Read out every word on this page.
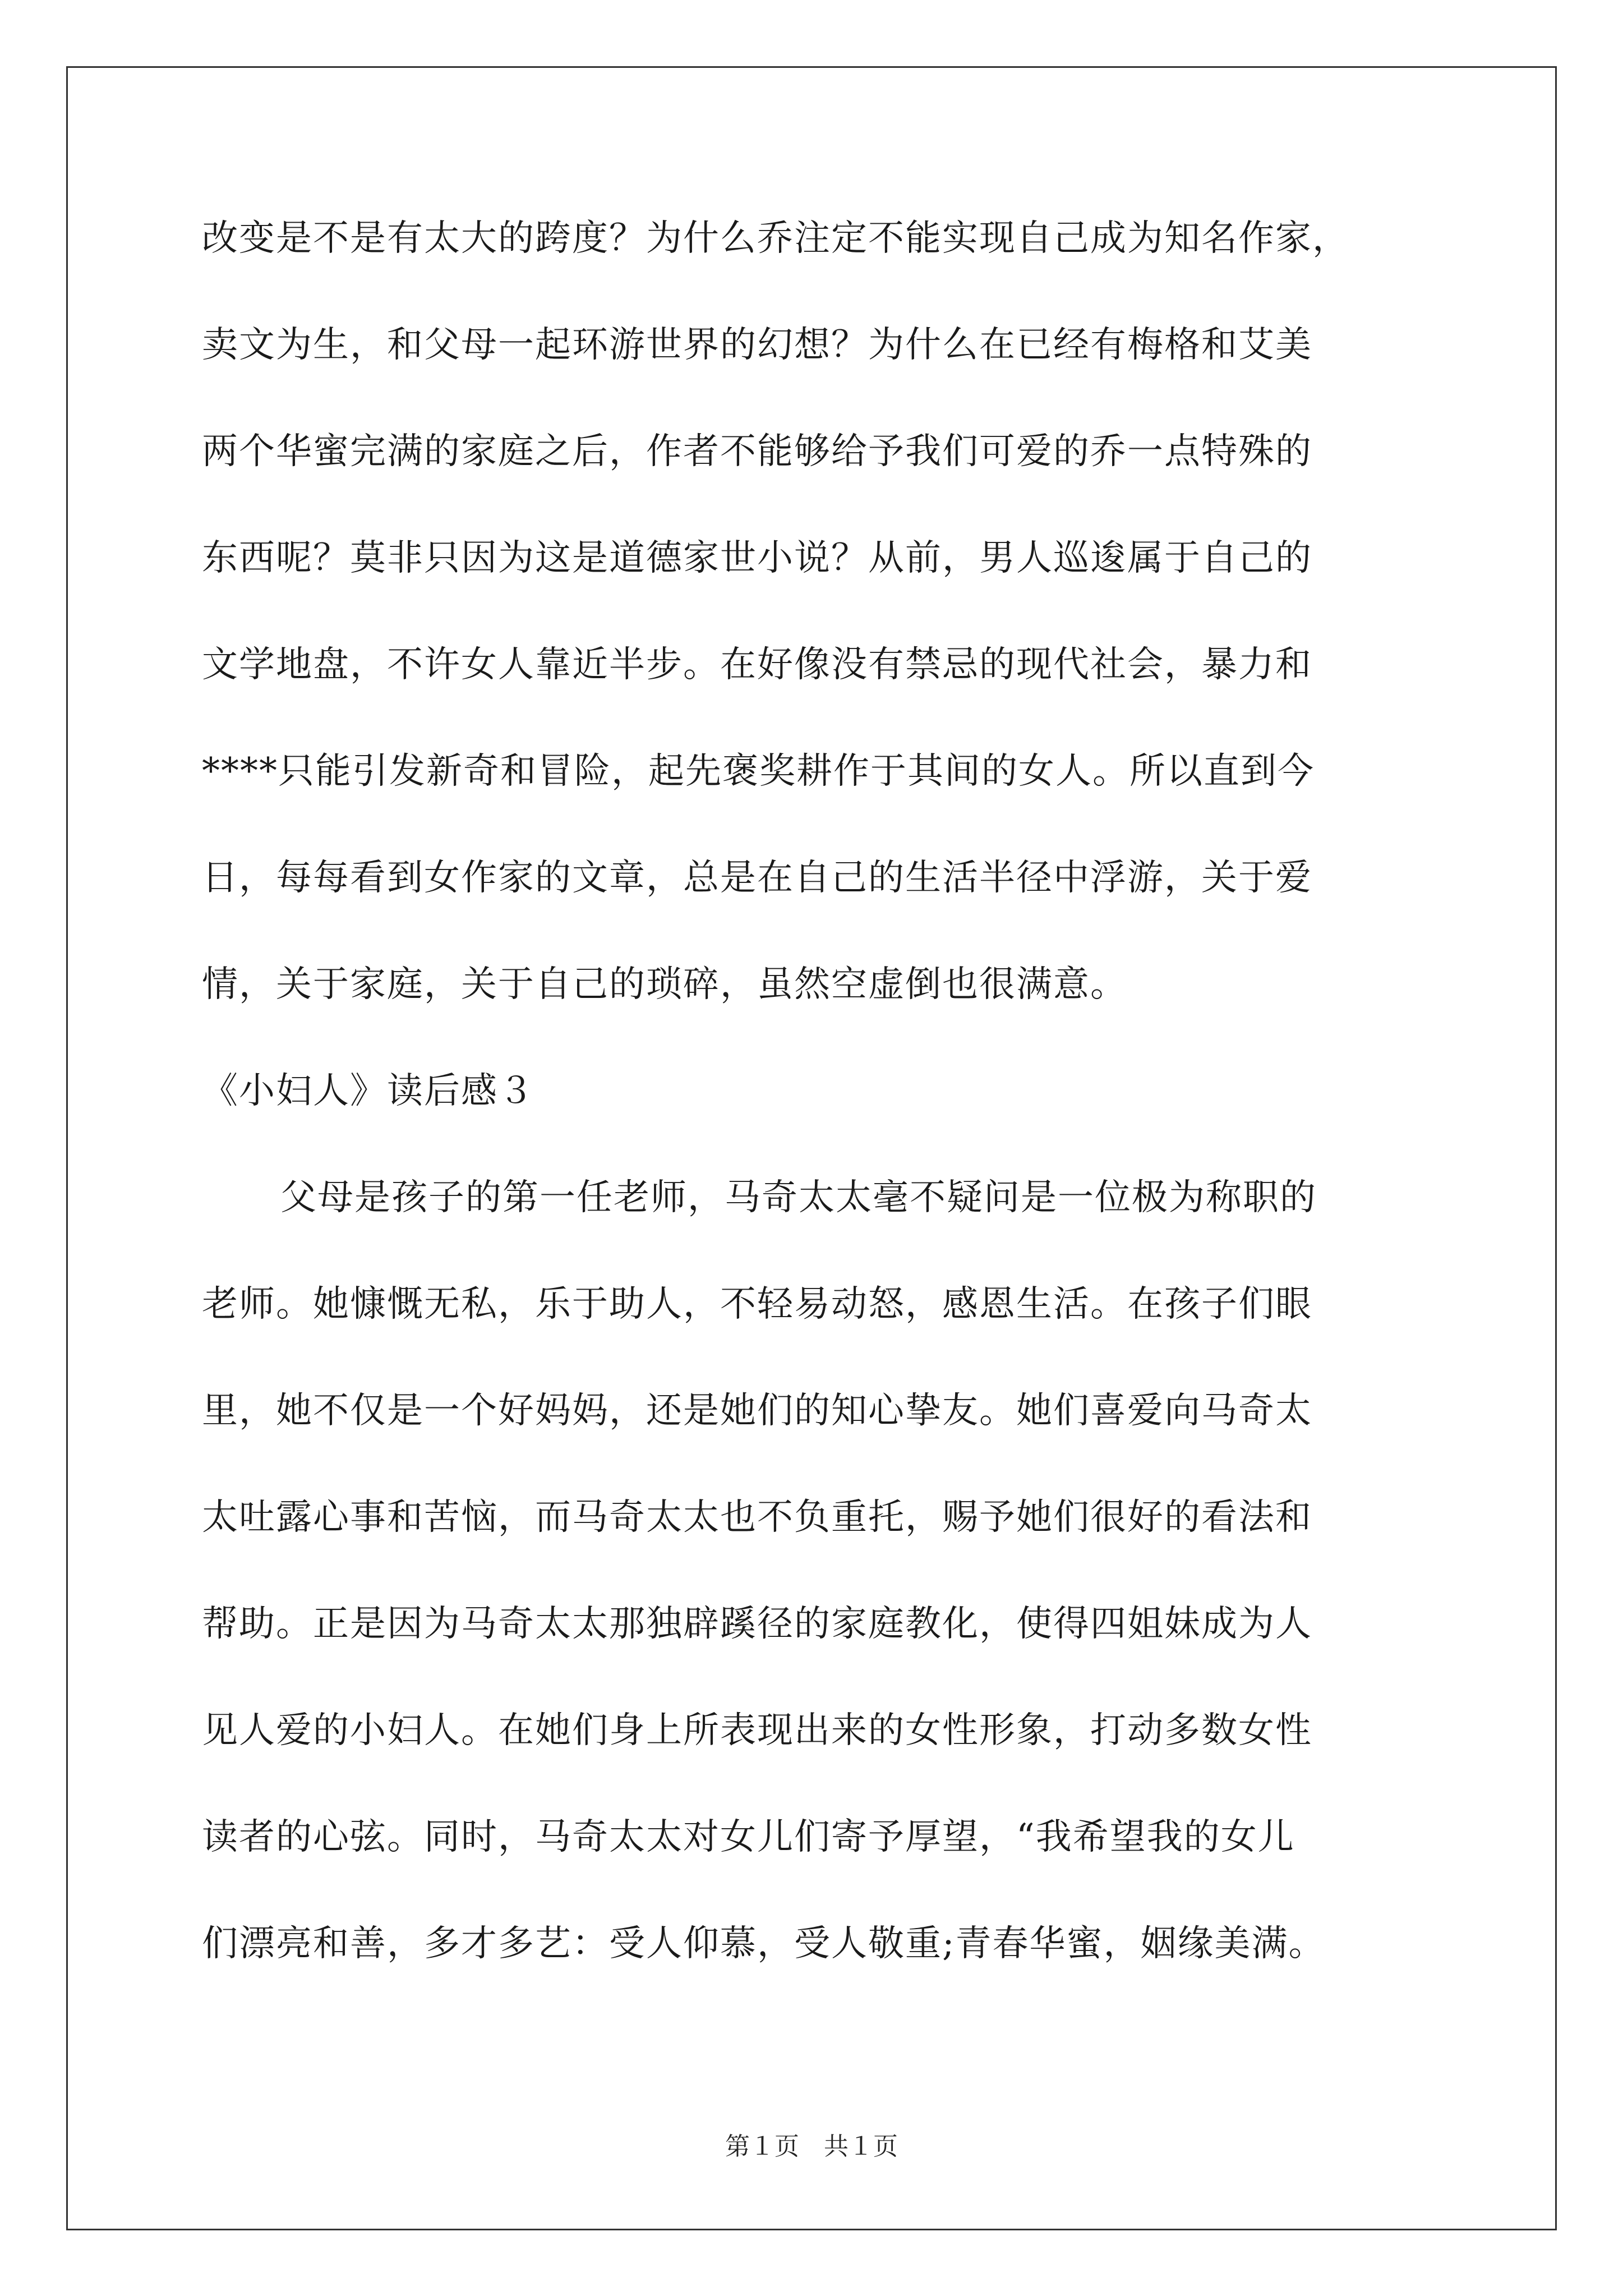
改变是不是有太大的跨度？为什么乔注定不能实现自己成为知名作家，
卖文为生，和父母一起环游世界的幻想？为什么在已经有梅格和艾美
两个华蜜完满的家庭之后，作者不能够给予我们可爱的乔一点特殊的
东西呢？莫非只因为这是道德家世小说？从前，男人巡逡属于自己的
文学地盘，不许女人靠近半步。在好像没有禁忌的现代社会，暴力和
****只能引发新奇和冒险，起先褒奖耕作于其间的女人。所以直到今
日，每每看到女作家的文章，总是在自己的生活半径中浮游，关于爱
情，关于家庭，关于自己的琐碎，虽然空虚倒也很满意。
《小妇人》读后感３
父母是孩子的第一任老师，马奇太太毫不疑问是一位极为称职的
老师。她慷慨无私，乐于助人，不轻易动怒，感恩生活。在孩子们眼
里，她不仅是一个好妈妈，还是她们的知心挚友。她们喜爱向马奇太
太吐露心事和苦恼，而马奇太太也不负重托，赐予她们很好的看法和
帮助。正是因为马奇太太那独辟蹊径的家庭教化，使得四姐妹成为人
见人爱的小妇人。在她们身上所表现出来的女性形象，打动多数女性
读者的心弦。同时，马奇太太对女儿们寄予厚望，“我希望我的女儿
们漂亮和善，多才多艺：受人仰慕，受人敬重;青春华蜜，姻缘美满。
第１页　共１页
